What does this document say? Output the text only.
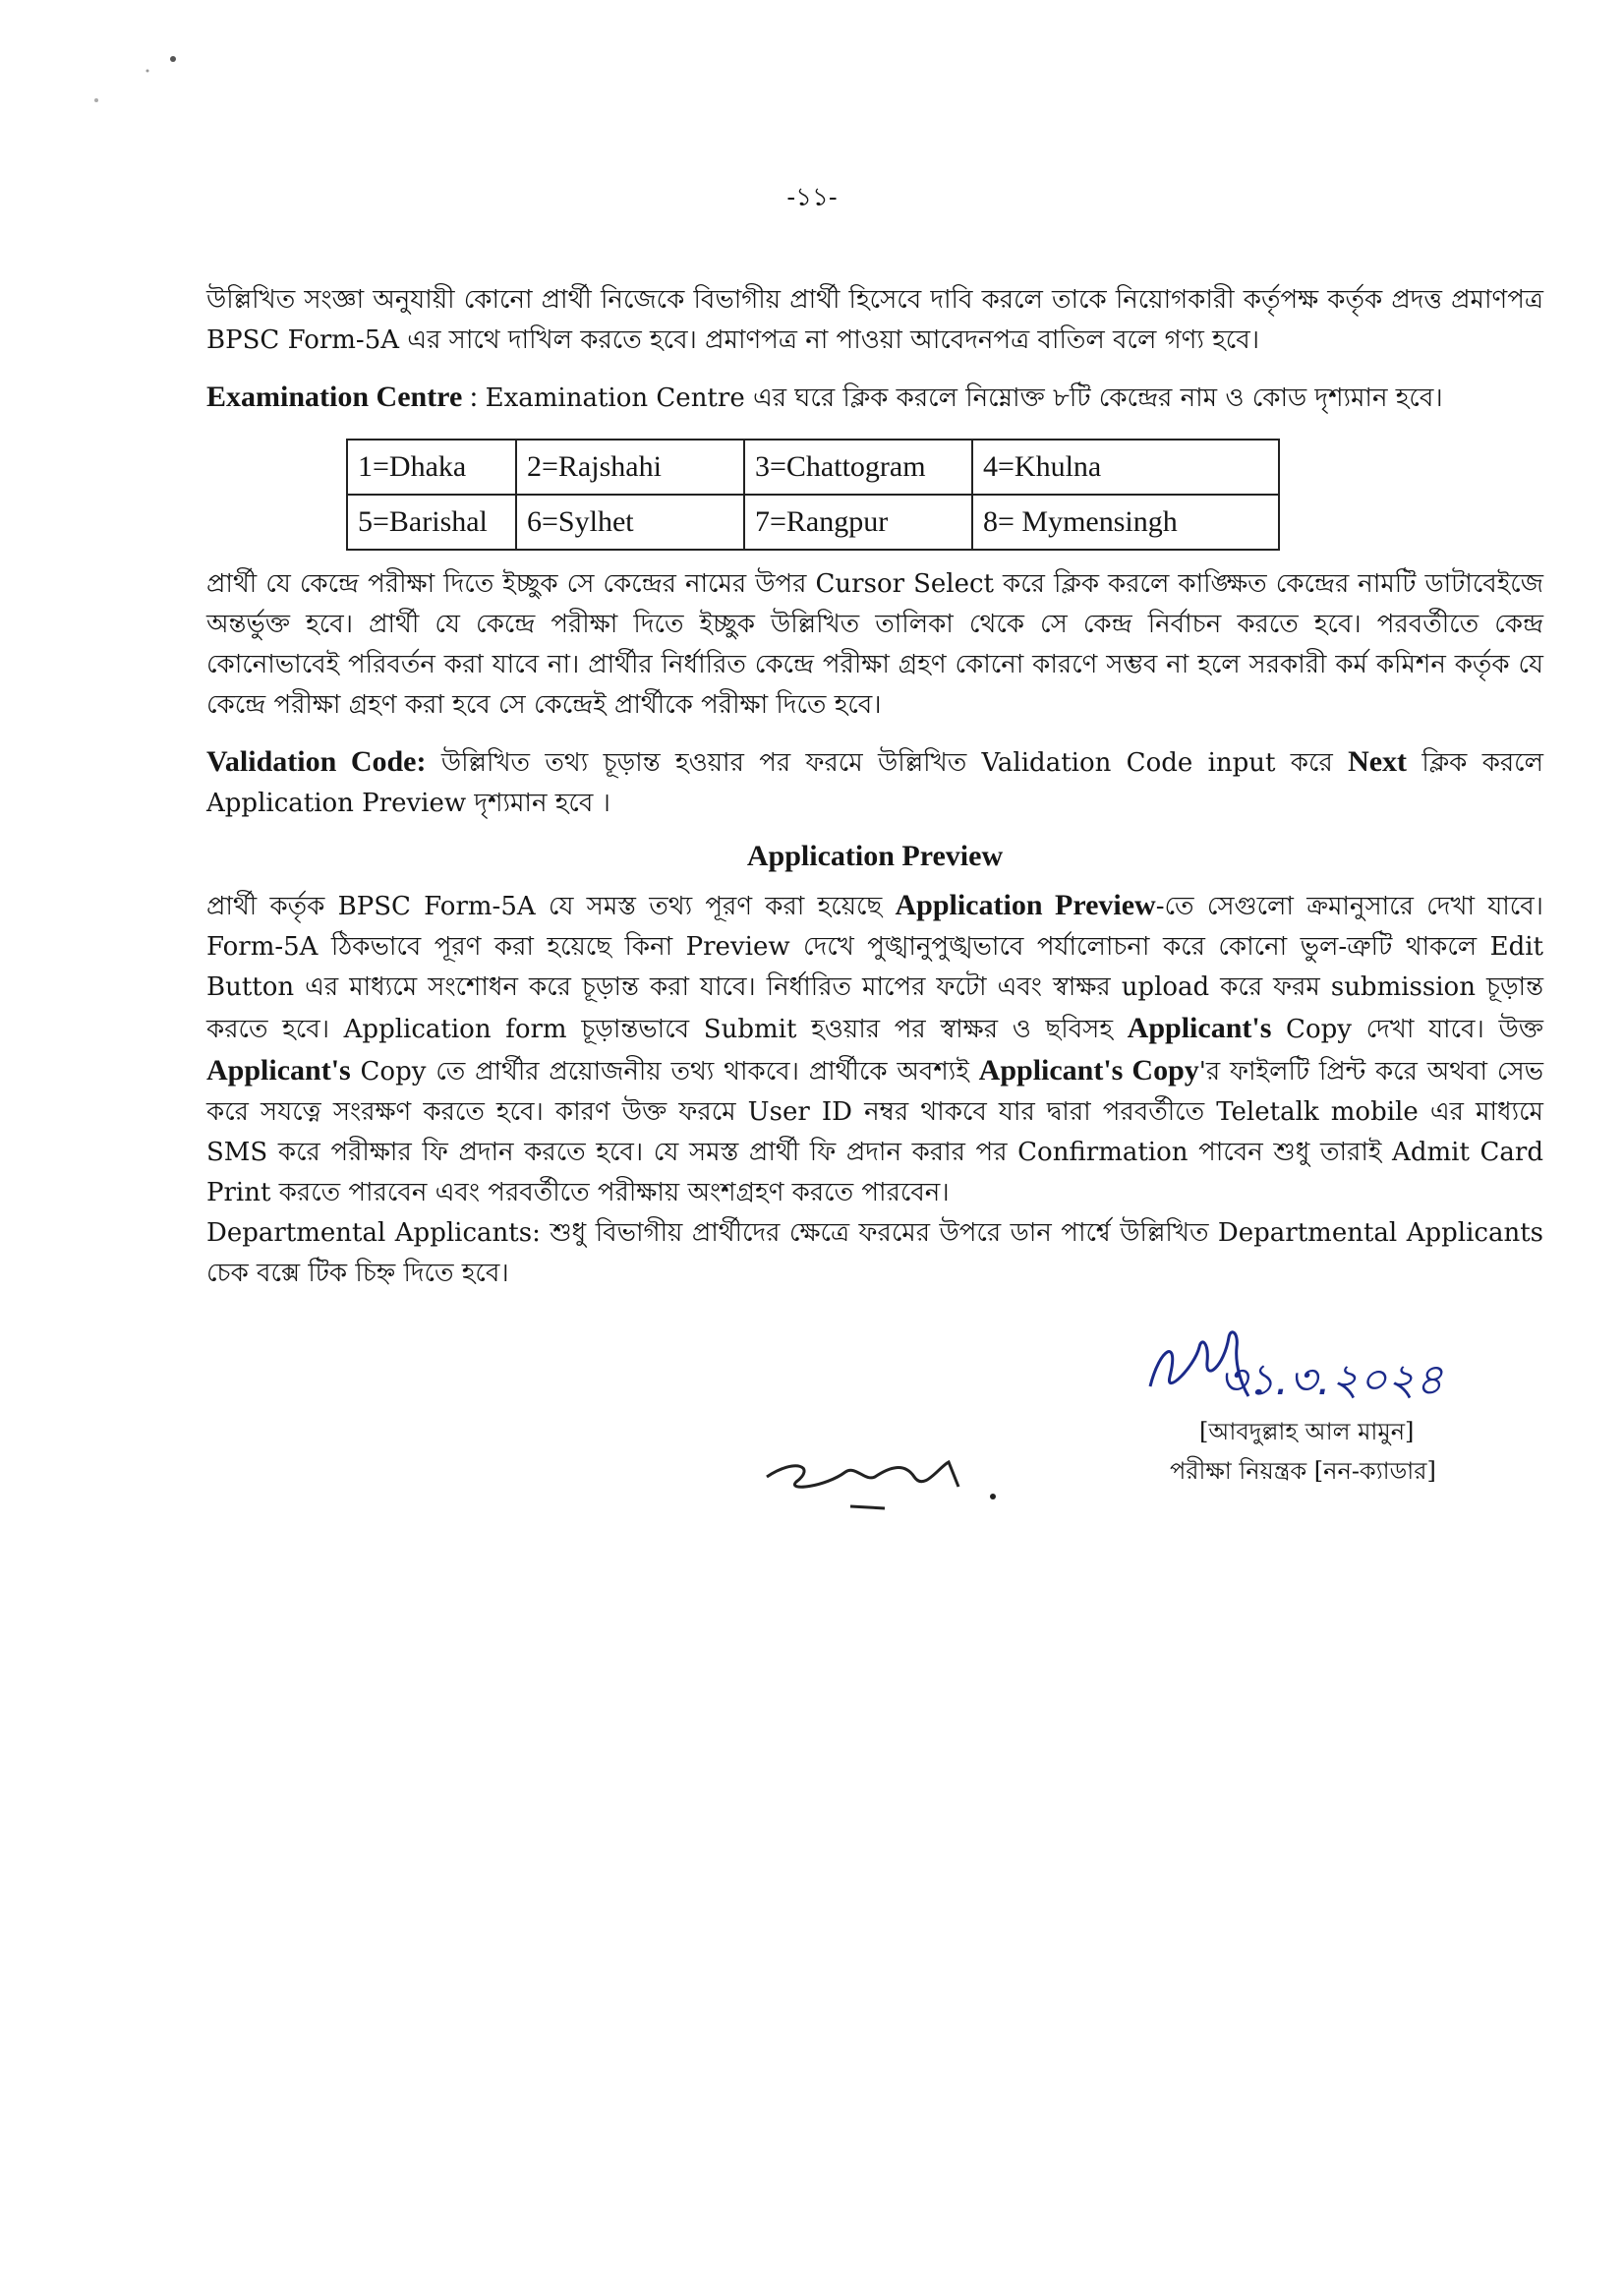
-১১-

উল্লিখিত সংজ্ঞা অনুযায়ী কোনো প্রার্থী নিজেকে বিভাগীয় প্রার্থী হিসেবে দাবি করলে তাকে নিয়োগকারী কর্তৃপক্ষ কর্তৃক প্রদত্ত প্রমাণপত্র BPSC Form-5A এর সাথে দাখিল করতে হবে। প্রমাণপত্র না পাওয়া আবেদনপত্র বাতিল বলে গণ্য হবে।

Examination Centre : Examination Centre এর ঘরে ক্লিক করলে নিম্নোক্ত ৮টি কেন্দ্রের নাম ও কোড দৃশ্যমান হবে।

1=Dhaka	2=Rajshahi	3=Chattogram	4=Khulna
5=Barishal	6=Sylhet	7=Rangpur	8= Mymensingh

প্রার্থী যে কেন্দ্রে পরীক্ষা দিতে ইচ্ছুক সে কেন্দ্রের নামের উপর Cursor Select করে ক্লিক করলে কাঙ্ক্ষিত কেন্দ্রের নামটি ডাটাবেইজে অন্তর্ভুক্ত হবে। প্রার্থী যে কেন্দ্রে পরীক্ষা দিতে ইচ্ছুক উল্লিখিত তালিকা থেকে সে কেন্দ্র নির্বাচন করতে হবে। পরবর্তীতে কেন্দ্র কোনোভাবেই পরিবর্তন করা যাবে না। প্রার্থীর নির্ধারিত কেন্দ্রে পরীক্ষা গ্রহণ কোনো কারণে সম্ভব না হলে সরকারী কর্ম কমিশন কর্তৃক যে কেন্দ্রে পরীক্ষা গ্রহণ করা হবে সে কেন্দ্রেই প্রার্থীকে পরীক্ষা দিতে হবে।

Validation Code: উল্লিখিত তথ্য চূড়ান্ত হওয়ার পর ফরমে উল্লিখিত Validation Code input করে Next ক্লিক করলে Application Preview দৃশ্যমান হবে ।

Application Preview

প্রার্থী কর্তৃক BPSC Form-5A যে সমস্ত তথ্য পূরণ করা হয়েছে Application Preview-তে সেগুলো ক্রমানুসারে দেখা যাবে। Form-5A ঠিকভাবে পূরণ করা হয়েছে কিনা Preview দেখে পুঙ্খানুপুঙ্খভাবে পর্যালোচনা করে কোনো ভুল-ত্রুটি থাকলে Edit Button এর মাধ্যমে সংশোধন করে চূড়ান্ত করা যাবে। নির্ধারিত মাপের ফটো এবং স্বাক্ষর upload করে ফরম submission চূড়ান্ত করতে হবে। Application form চূড়ান্তভাবে Submit হওয়ার পর স্বাক্ষর ও ছবিসহ Applicant's Copy দেখা যাবে। উক্ত Applicant's Copy তে প্রার্থীর প্রয়োজনীয় তথ্য থাকবে। প্রার্থীকে অবশ্যই Applicant's Copy'র ফাইলটি প্রিন্ট করে অথবা সেভ করে সযত্নে সংরক্ষণ করতে হবে। কারণ উক্ত ফরমে User ID নম্বর থাকবে যার দ্বারা পরবর্তীতে Teletalk mobile এর মাধ্যমে SMS করে পরীক্ষার ফি প্রদান করতে হবে। যে সমস্ত প্রার্থী ফি প্রদান করার পর Confirmation পাবেন শুধু তারাই Admit Card Print করতে পারবেন এবং পরবর্তীতে পরীক্ষায় অংশগ্রহণ করতে পারবেন।

Departmental Applicants: শুধু বিভাগীয় প্রার্থীদের ক্ষেত্রে ফরমের উপরে ডান পার্শ্বে উল্লিখিত Departmental Applicants চেক বক্সে টিক চিহ্ন দিতে হবে।

৩১.৩.২০২৪
[আবদুল্লাহ আল মামুন]
পরীক্ষা নিয়ন্ত্রক [নন-ক্যাডার]
